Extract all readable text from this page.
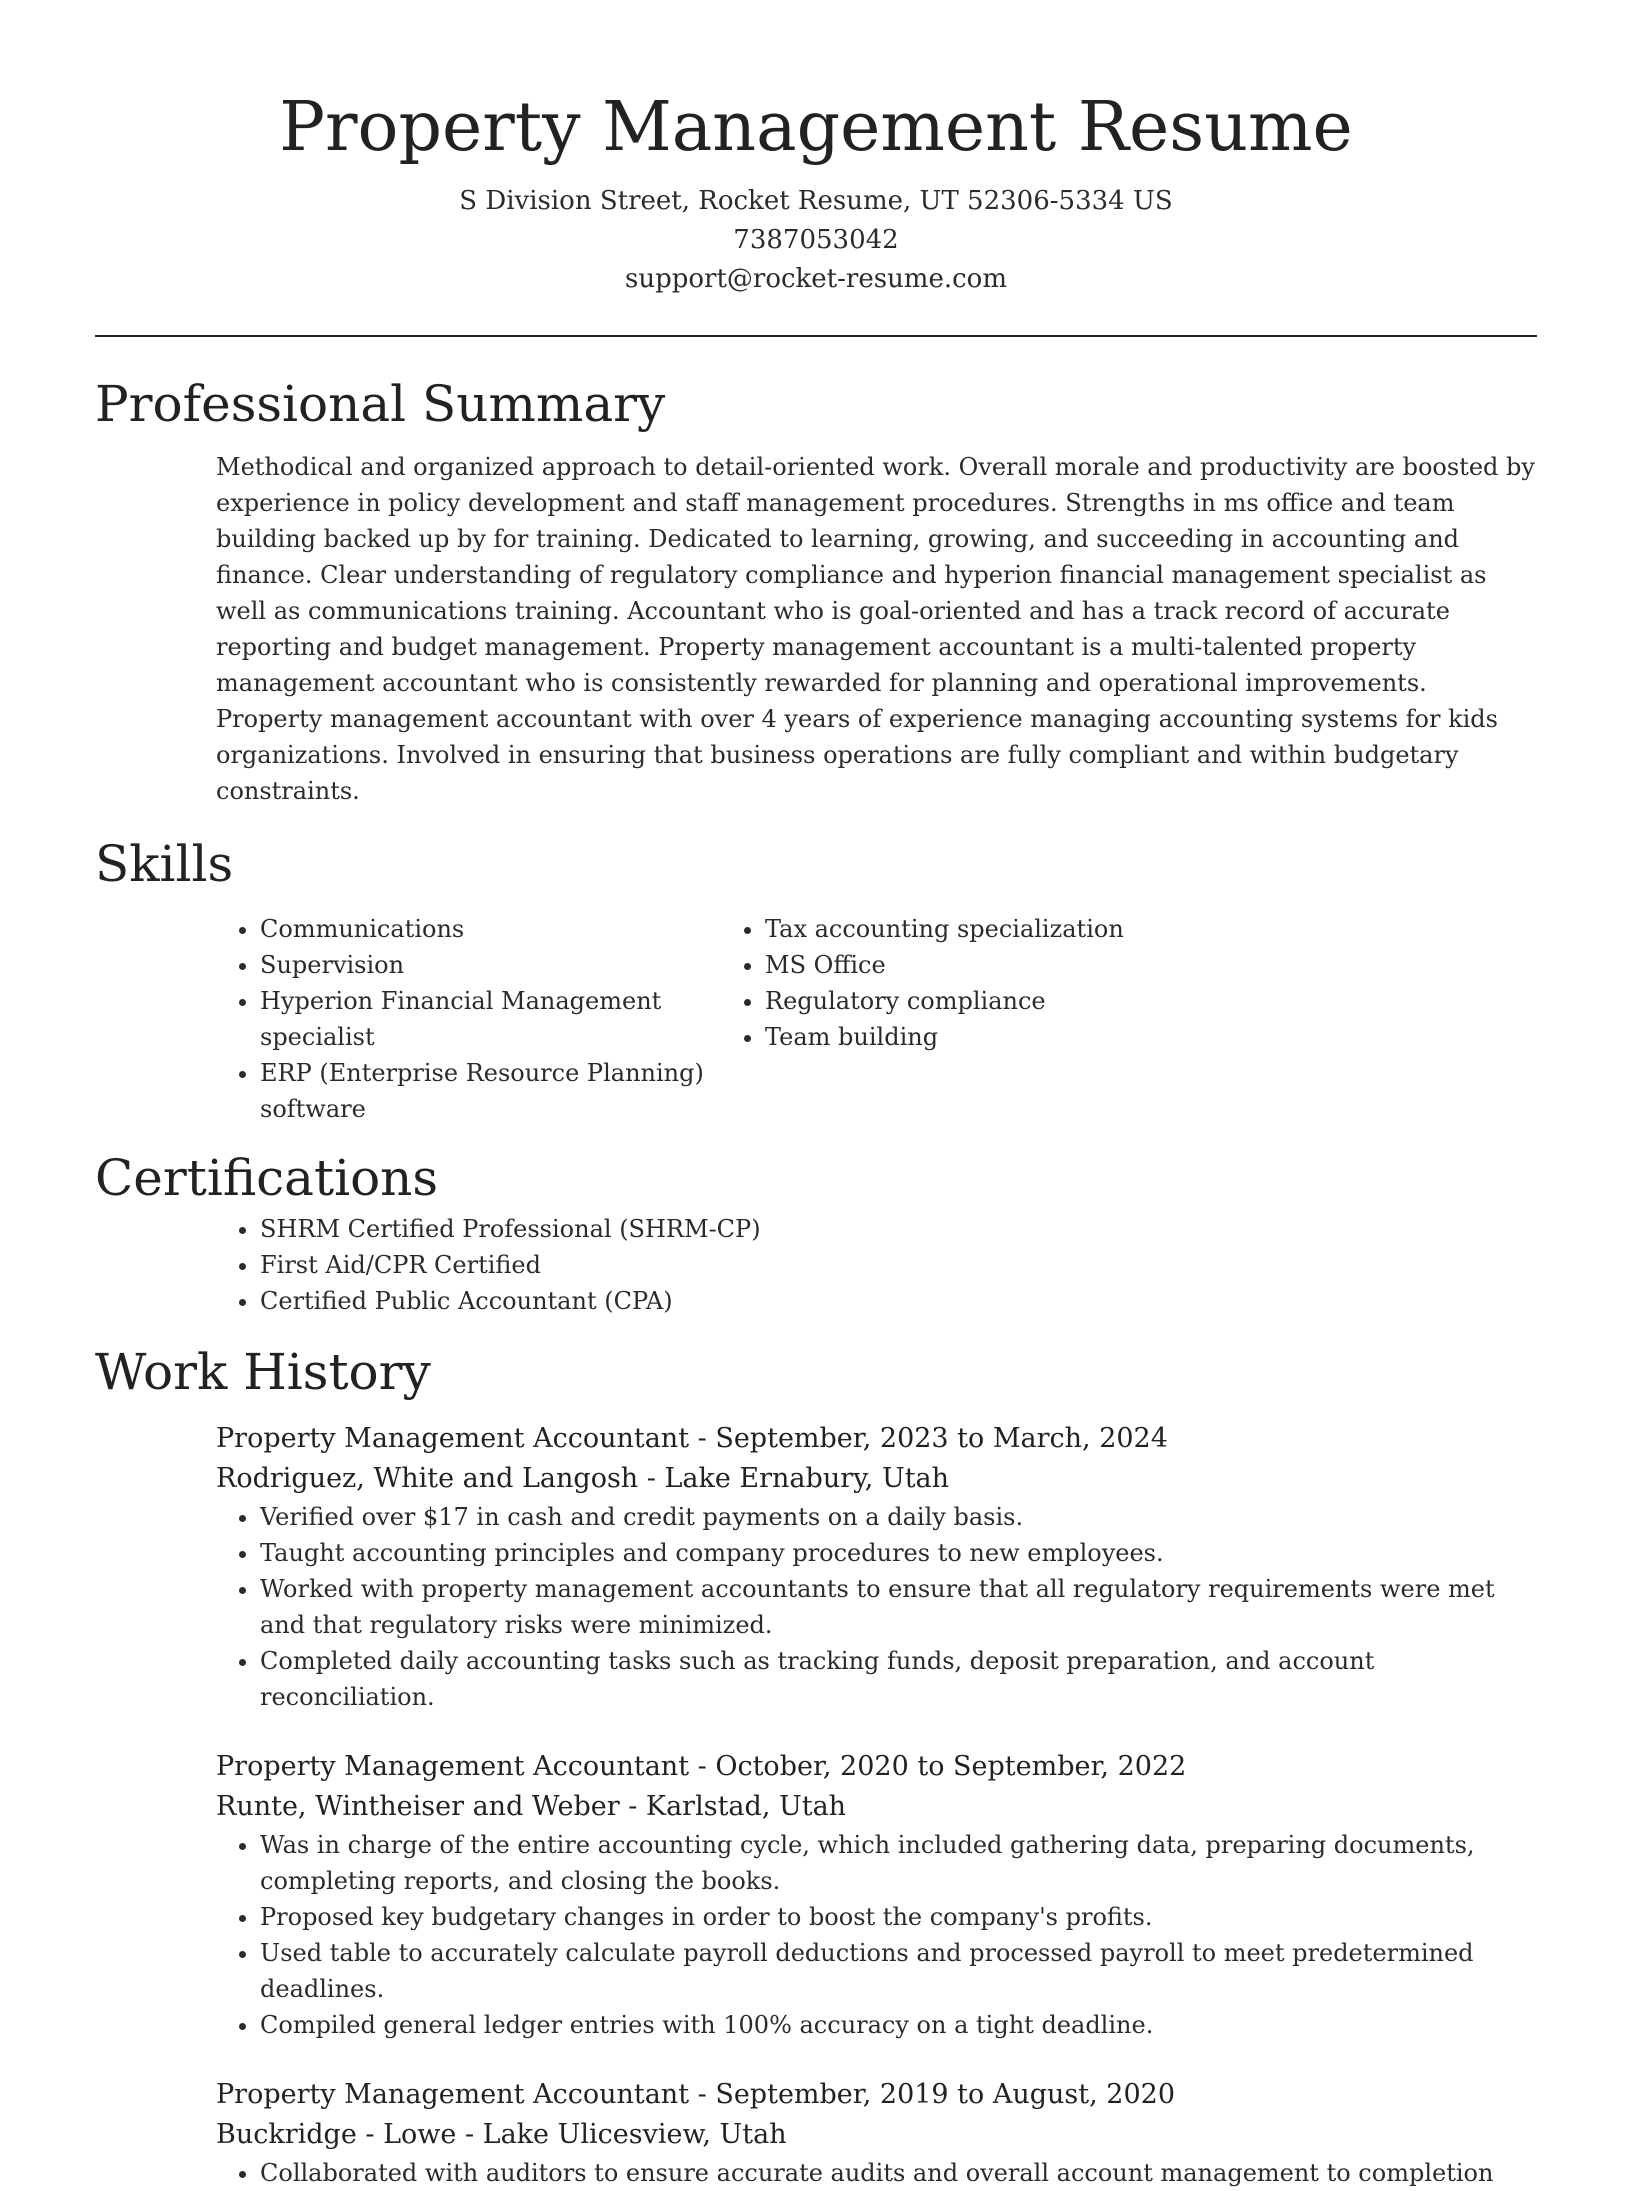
Property Management Resume
S Division Street, Rocket Resume, UT 52306-5334 US
7387053042
support@rocket-resume.com
Professional Summary

Methodical and organized approach to detail-oriented work. Overall morale and productivity are boosted by experience in policy development and staff management procedures. Strengths in ms office and team building backed up by for training. Dedicated to learning, growing, and succeeding in accounting and finance. Clear understanding of regulatory compliance and hyperion financial management specialist as well as communications training. Accountant who is goal-oriented and has a track record of accurate reporting and budget management. Property management accountant is a multi-talented property management accountant who is consistently rewarded for planning and operational improvements. Property management accountant with over 4 years of experience managing accounting systems for kids organizations. Involved in ensuring that business operations are fully compliant and within budgetary constraints.

Skills
• Communications
• Supervision
• Hyperion Financial Management specialist
• ERP (Enterprise Resource Planning) software
• Tax accounting specialization
• MS Office
• Regulatory compliance
• Team building
Certifications
• SHRM Certified Professional (SHRM-CP)
• First Aid/CPR Certified
• Certified Public Accountant (CPA)
Work History
Property Management Accountant - September, 2023 to March, 2024
Rodriguez, White and Langosh - Lake Ernabury, Utah
• Verified over $17 in cash and credit payments on a daily basis.
• Taught accounting principles and company procedures to new employees.
• Worked with property management accountants to ensure that all regulatory requirements were met and that regulatory risks were minimized.
• Completed daily accounting tasks such as tracking funds, deposit preparation, and account reconciliation.
Property Management Accountant - October, 2020 to September, 2022
Runte, Wintheiser and Weber - Karlstad, Utah
• Was in charge of the entire accounting cycle, which included gathering data, preparing documents, completing reports, and closing the books.
• Proposed key budgetary changes in order to boost the company's profits.
• Used table to accurately calculate payroll deductions and processed payroll to meet predetermined deadlines.
• Compiled general ledger entries with 100% accuracy on a tight deadline.
Property Management Accountant - September, 2019 to August, 2020
Buckridge - Lowe - Lake Ulicesview, Utah
• Collaborated with auditors to ensure accurate audits and overall account management to completion
